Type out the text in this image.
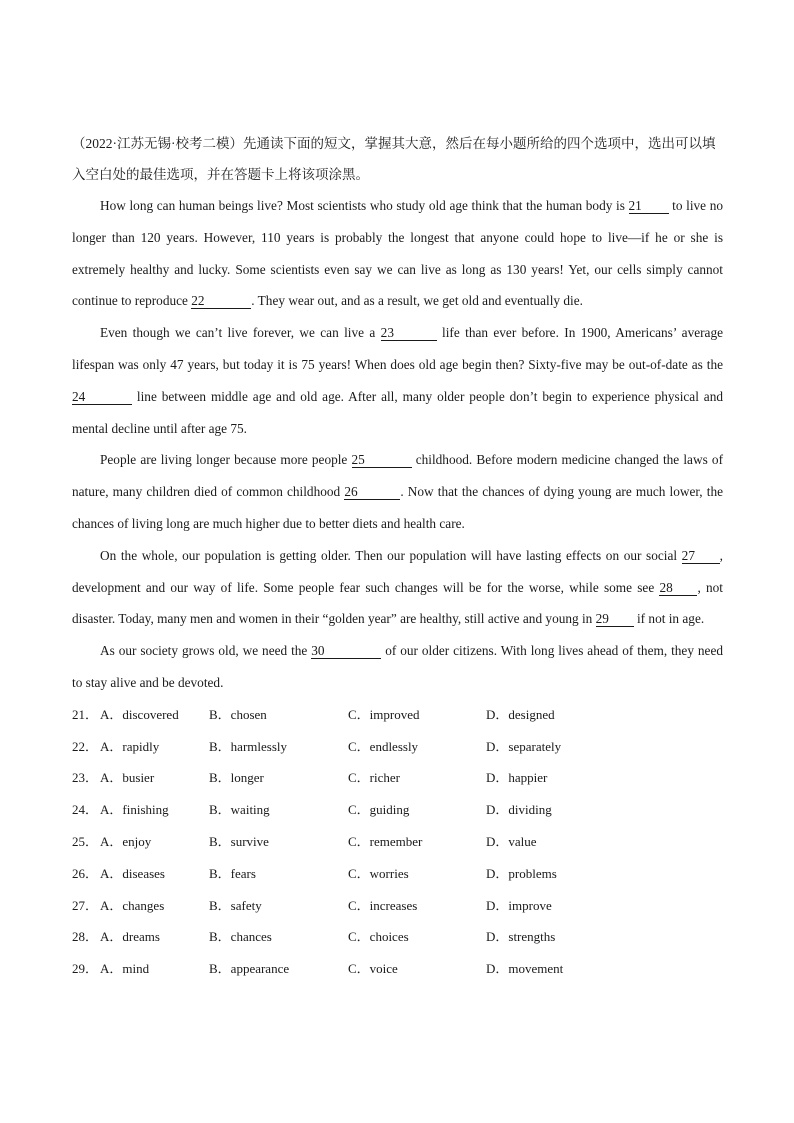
（2022·江苏无锡·校考二模）先通读下面的短文，掌握其大意，然后在每小题所给的四个选项中，选出可以填入空白处的最佳选项，并在答题卡上将该项涂黑。

How long can human beings live? Most scientists who study old age think that the human body is 21 to live no longer than 120 years. However, 110 years is probably the longest that anyone could hope to live—if he or she is extremely healthy and lucky. Some scientists even say we can live as long as 130 years! Yet, our cells simply cannot continue to reproduce 22	. They wear out, and as a result, we get old and eventually die.

Even though we can’t live forever, we can live a 23	life than ever before. In 1900, Americans’ average lifespan was only 47 years, but today it is 75 years! When does old age begin then? Sixty-five may be out-of-date as the 24	line between middle age and old age. After all, many older people don’t begin to experience physical and mental decline until after age 75.

People are living longer because more people 25	childhood. Before modern medicine changed the laws of nature, many children died of common childhood 26	. Now that the chances of dying young are much lower, the chances of living long are much higher due to better diets and health care.

On the whole, our population is getting older. Then our population will have lasting effects on our social 27 , development and our way of life. Some people fear such changes will be for the worse, while some see 28 , not disaster. Today, many men and women in their “golden year” are healthy, still active and young in 29 if not in age.

As our society grows old, we need the 30	of our older citizens. With long lives ahead of them, they need to stay alive and be devoted.

21． A．discovered	B．chosen	C．improved	D．designed
22． A．rapidly	B．harmlessly	C．endlessly	D．separately
23． A．busier	B．longer	C．richer	D．happier
24． A．finishing	B．waiting	C．guiding	D．dividing
25． A．enjoy	B．survive	C．remember	D．value
26． A．diseases	B．fears	C．worries	D．problems
27． A．changes	B．safety	C．increases	D．improve
28． A．dreams	B．chances	C．choices	D．strengths
29． A．mind	B．appearance	C．voice	D．movement
